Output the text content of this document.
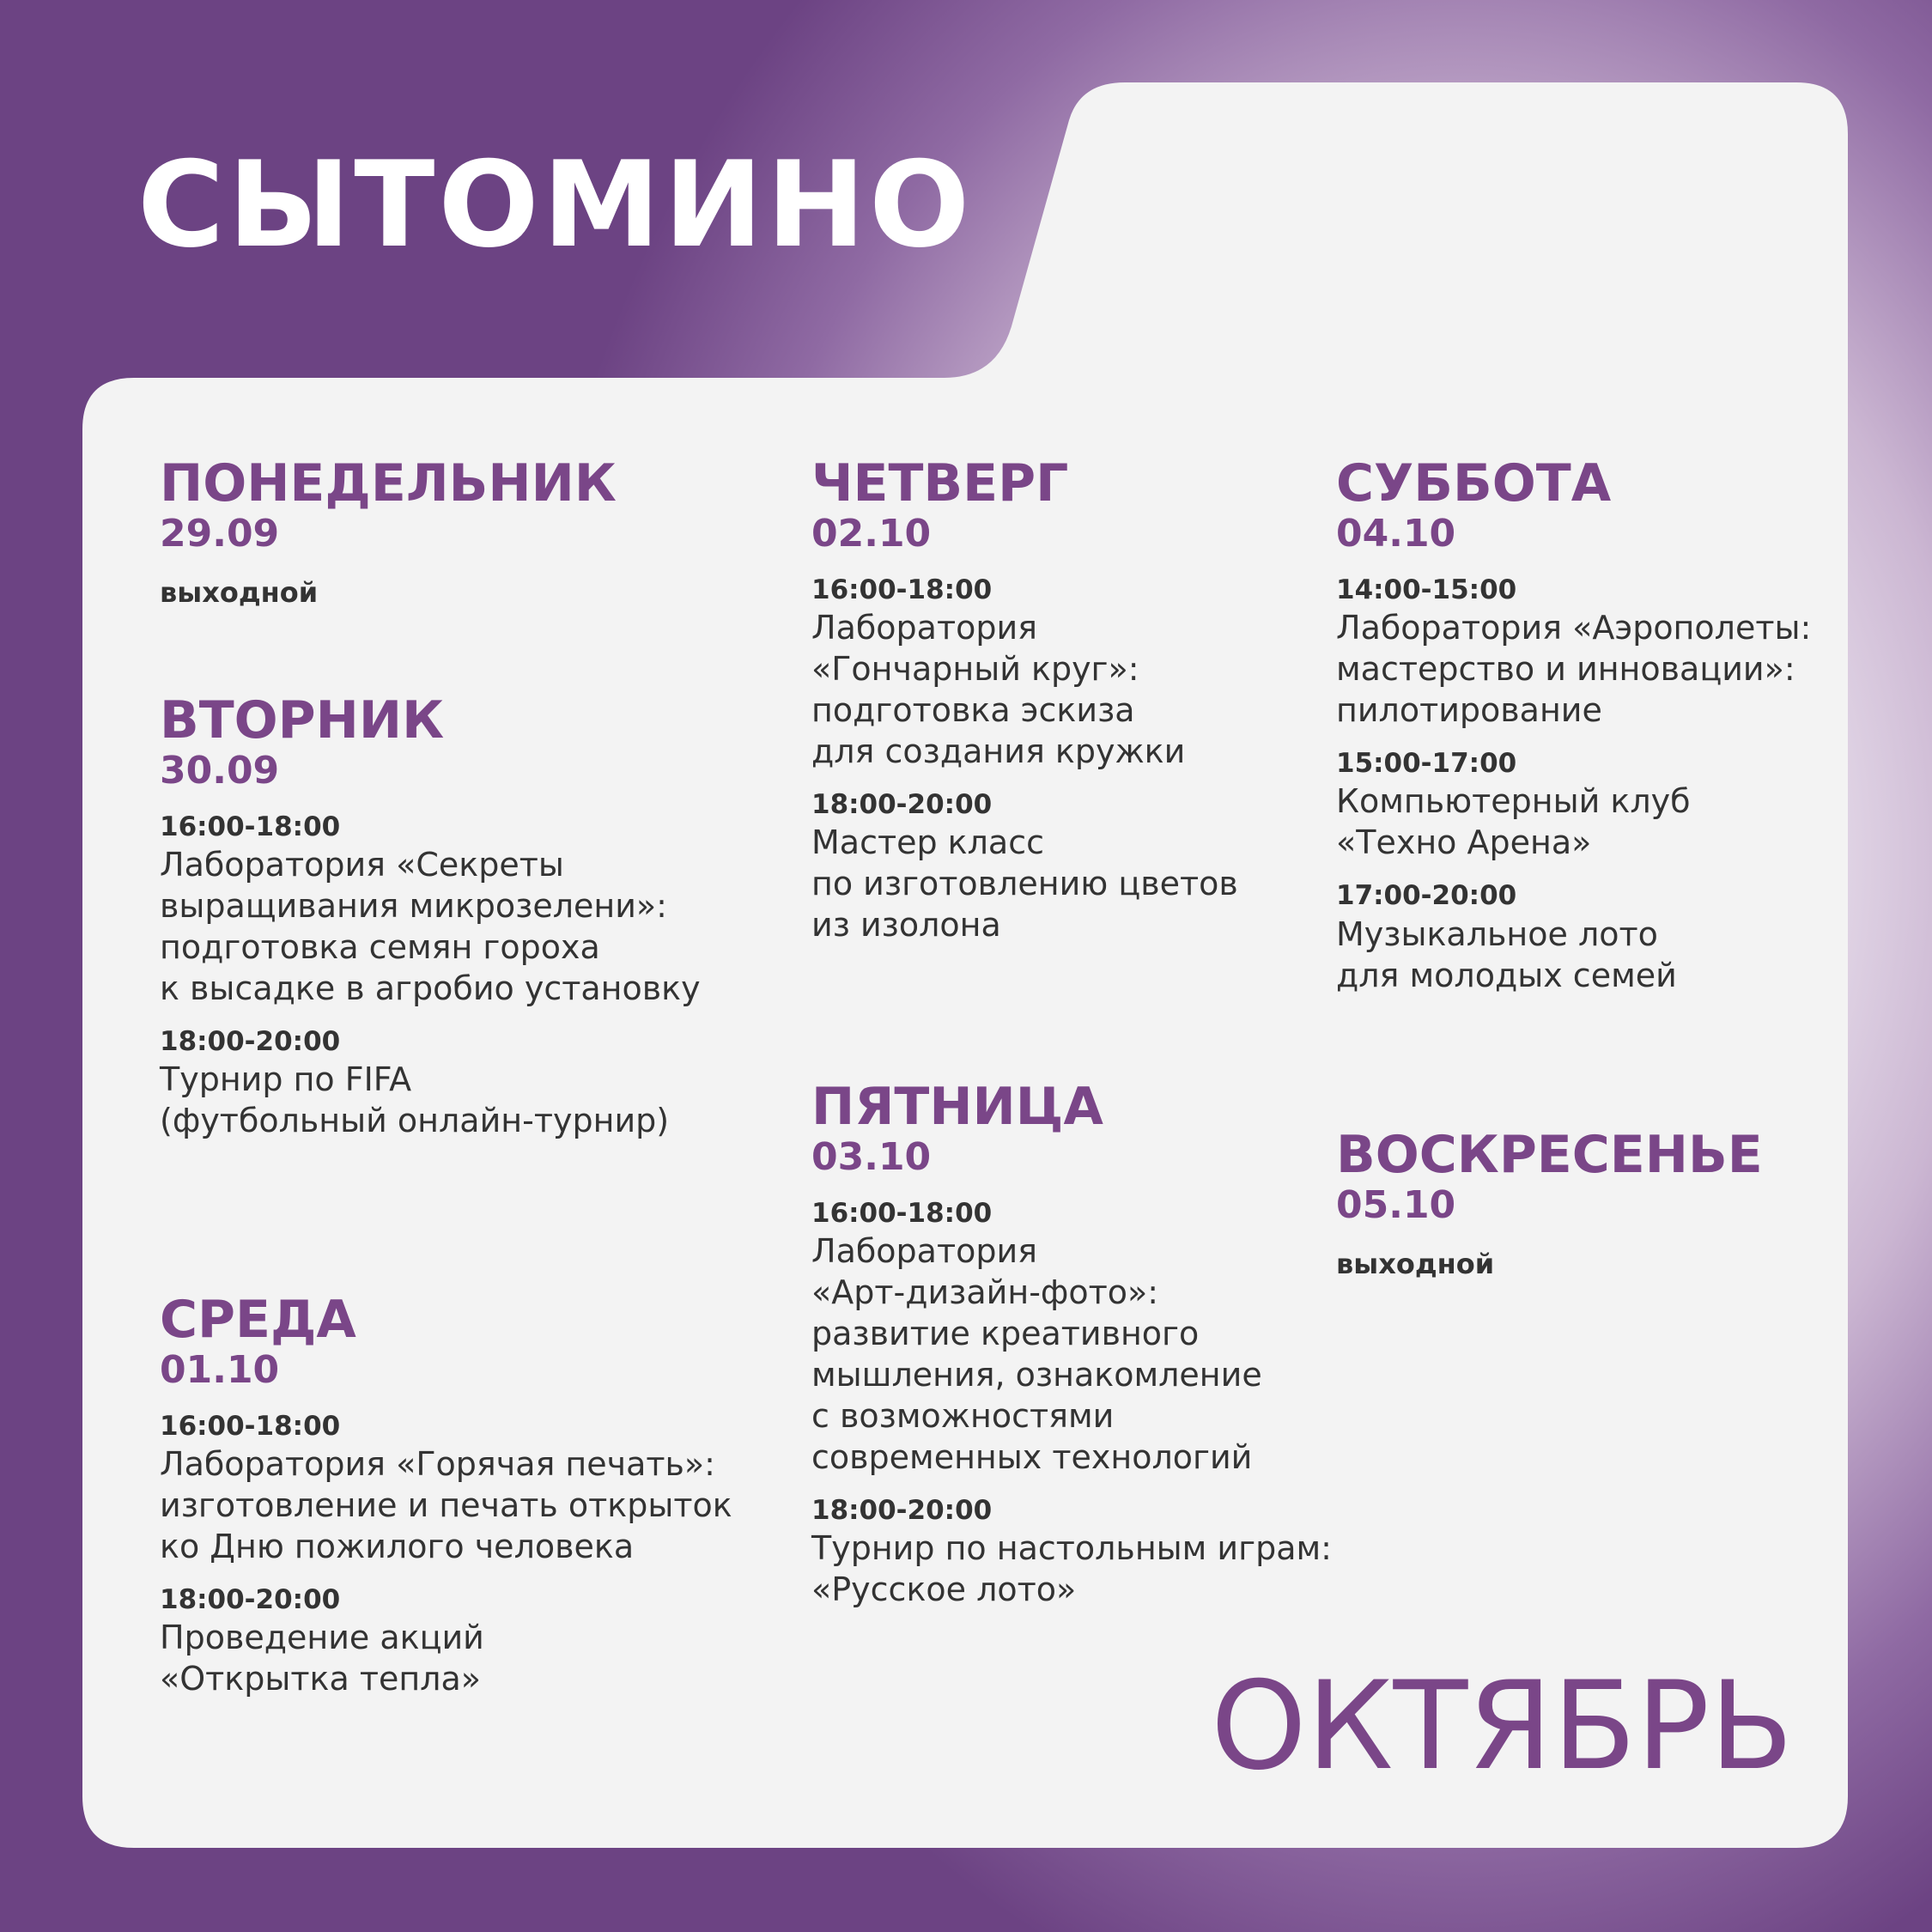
СЫТОМИНО
ПОНЕДЕЛЬНИК
29.09
выходной
ВТОРНИК
30.09
16:00-18:00
Лаборатория «Секреты
выращивания микрозелени»:
подготовка семян гороха
к высадке в агробио установку
18:00-20:00
Турнир по FIFA
(футбольный онлайн-турнир)
СРЕДА
01.10
16:00-18:00
Лаборатория «Горячая печать»:
изготовление и печать открыток
ко Дню пожилого человека
18:00-20:00
Проведение акций
«Открытка тепла»
ЧЕТВЕРГ
02.10
16:00-18:00
Лаборатория
«Гончарный круг»:
подготовка эскиза
для создания кружки
18:00-20:00
Мастер класс
по изготовлению цветов
из изолона
ПЯТНИЦА
03.10
16:00-18:00
Лаборатория
«Арт-дизайн-фото»:
развитие креативного
мышления, ознакомление
с возможностями
современных технологий
18:00-20:00
Турнир по настольным играм:
«Русское лото»
СУББОТА
04.10
14:00-15:00
Лаборатория «Аэрополеты:
мастерство и инновации»:
пилотирование
15:00-17:00
Компьютерный клуб
«Техно Арена»
17:00-20:00
Музыкальное лото
для молодых семей
ВОСКРЕСЕНЬЕ
05.10
выходной
ОКТЯБРЬ
